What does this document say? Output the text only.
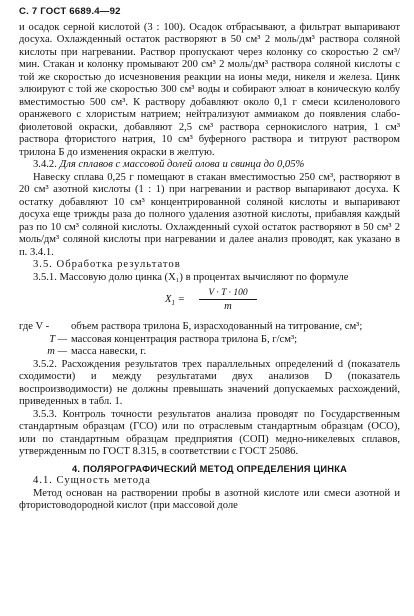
С. 7 ГОСТ 6689.4—92

и осадок серной кислотой (3 : 100). Осадок отбрасывают, а фильтрат выпаривают досуха. Охлажденный остаток растворяют в 50 см³ 2 моль/дм³ раствора соляной кислоты при нагревании. Раствор пропускают через колонку со скоростью 2 см³/мин. Стакан и колонку промывают 200 см³ 2 моль/дм³ раствора соляной кислоты с той же скоростью до исчезновения реакции на ионы меди, никеля и железа. Цинк элюируют с той же скоростью 300 см³ воды и собирают элюат в коническую колбу вместимостью 500 см³. К раствору добавляют около 0,1 г смеси ксиленолового оранжевого с хлористым натрием; нейтрализуют аммиаком до появления слабо-фиолетовой окраски, добавляют 2,5 см³ раствора сернокислого натрия, 1 см³ раствора фтористого натрия, 10 см³ буферного раствора и титруют раствором трилона Б до изменения окраски в желтую.

3.4.2. Для сплавов с массовой долей олова и свинца до 0,05%

Навеску сплава 0,25 г помещают в стакан вместимостью 250 см³, растворяют в 20 см³ азотной кислоты (1 : 1) при нагревании и раствор выпаривают досуха. К остатку добавляют 10 см³ концентрированной соляной кислоты и выпаривают досуха еще трижды раза до полного удаления азотной кислоты, прибавляя каждый раз по 10 см³ соляной кислоты. Охлажденный сухой остаток растворяют в 50 см³ 2 моль/дм³ соляной кислоты при нагревании и далее анализ проводят, как указано в п. 3.4.1.

3.5. Обработка результатов

3.5.1. Массовую долю цинка (X₁) в процентах вычисляют по формуле

$X_1 = \frac{V \cdot T \cdot 100}{m}$
где V -	объем раствора трилона Б, израсходованный на титрование, см³;
T — массовая концентрация раствора трилона Б, г/см³;
m — масса навески, г.

3.5.2. Расхождения результатов трех параллельных определений d (показатель сходимости) и между результатами двух анализов D (показатель воспроизводимости) не должны превышать значений допускаемых расхождений, приведенных в табл. 1.

3.5.3. Контроль точности результатов анализа проводят по Государственным стандартным образцам (ГСО) или по отраслевым стандартным образцам (ОСО), или по стандартным образцам предприятия (СОП) медно-никелевых сплавов, утвержденным по ГОСТ 8.315, в соответствии с ГОСТ 25086.

4. ПОЛЯРОГРАФИЧЕСКИЙ МЕТОД ОПРЕДЕЛЕНИЯ ЦИНКА

4.1. Сущность метода

Метод основан на растворении пробы в азотной кислоте или смеси азотной и фтористоводородной кислот (при массовой доле
